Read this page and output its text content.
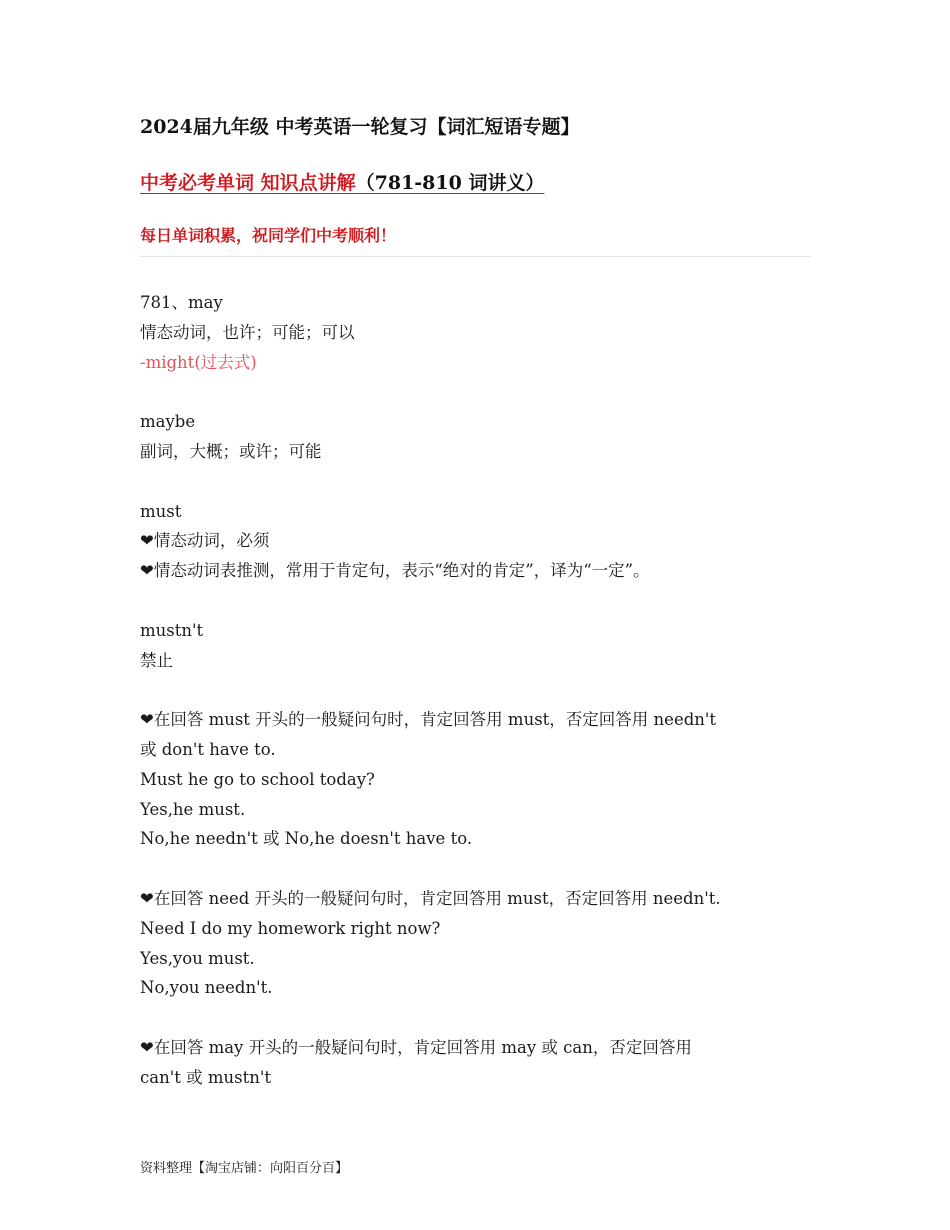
2024届九年级 中考英语一轮复习【词汇短语专题】
中考必考单词 知识点讲解（781-810 词讲义）
每日单词积累，祝同学们中考顺利！
781、may
情态动词，也许；可能；可以
-might(过去式)
maybe
副词，大概；或许；可能
must
❤情态动词，必须
❤情态动词表推测，常用于肯定句，表示“绝对的肯定”，译为“一定”。
mustn't
禁止
❤在回答 must 开头的一般疑问句时，肯定回答用 must，否定回答用 needn't
或 don't have to.
Must he go to school today?
Yes,he must.
No,he needn't 或 No,he doesn't have to.
❤在回答 need 开头的一般疑问句时，肯定回答用 must，否定回答用 needn't.
Need I do my homework right now?
Yes,you must.
No,you needn't.
❤在回答 may 开头的一般疑问句时，肯定回答用 may 或 can，否定回答用
can't 或 mustn't
资料整理【淘宝店铺：向阳百分百】
